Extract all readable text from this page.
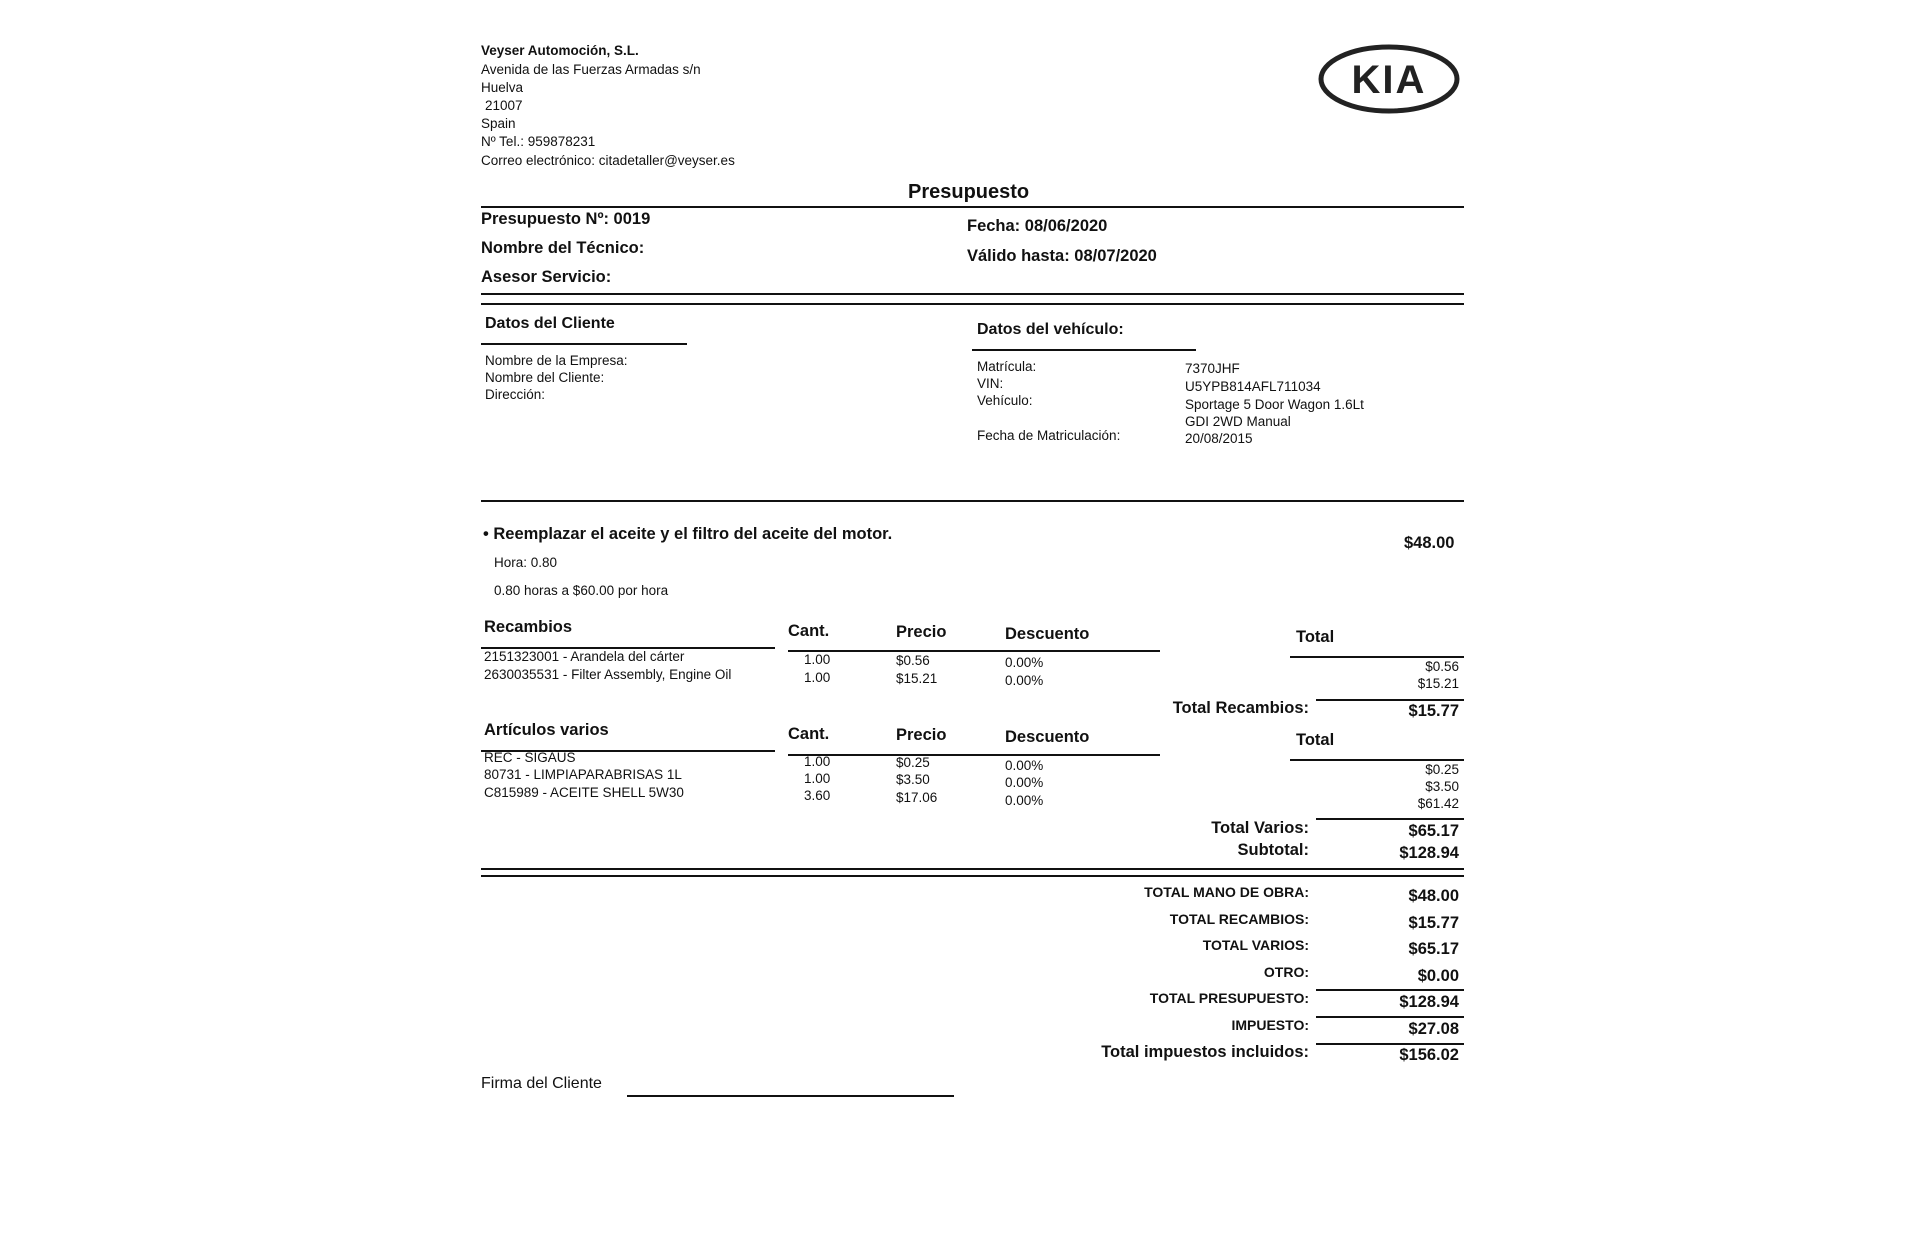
Veyser Automoción, S.L.
Avenida de las Fuerzas Armadas s/n
Huelva
21007
Spain
Nº Tel.: 959878231
Correo electrónico: citadetaller@veyser.es
KIA
Presupuesto
Presupuesto Nº: 0019
Nombre del Técnico:
Asesor Servicio:
Fecha: 08/06/2020
Válido hasta: 08/07/2020
Datos del Cliente
Nombre de la Empresa:
Nombre del Cliente:
Dirección:
Datos del vehículo:
Matrícula:	7370JHF
VIN:	U5YPB814AFL711034
Vehículo:	Sportage 5 Door Wagon 1.6Lt
GDI 2WD Manual
Fecha de Matriculación:	20/08/2015
• Reemplazar el aceite y el filtro del aceite del motor.	$48.00
Hora: 0.80
0.80 horas a $60.00 por hora
Recambios	Cant.	Precio	Descuento	Total
2151323001 - Arandela del cárter	1.00	$0.56	0.00%	$0.56
2630035531 - Filter Assembly, Engine Oil	1.00	$15.21	0.00%	$15.21
Total Recambios:	$15.77
Artículos varios	Cant.	Precio	Descuento	Total
REC - SIGAUS	1.00	$0.25	0.00%	$0.25
80731 - LIMPIAPARABRISAS 1L	1.00	$3.50	0.00%	$3.50
C815989 - ACEITE SHELL 5W30	3.60	$17.06	0.00%	$61.42
Total Varios:	$65.17
Subtotal:	$128.94
TOTAL MANO DE OBRA:	$48.00
TOTAL RECAMBIOS:	$15.77
TOTAL VARIOS:	$65.17
OTRO:	$0.00
TOTAL PRESUPUESTO:	$128.94
IMPUESTO:	$27.08
Total impuestos incluidos:	$156.02
Firma del Cliente
